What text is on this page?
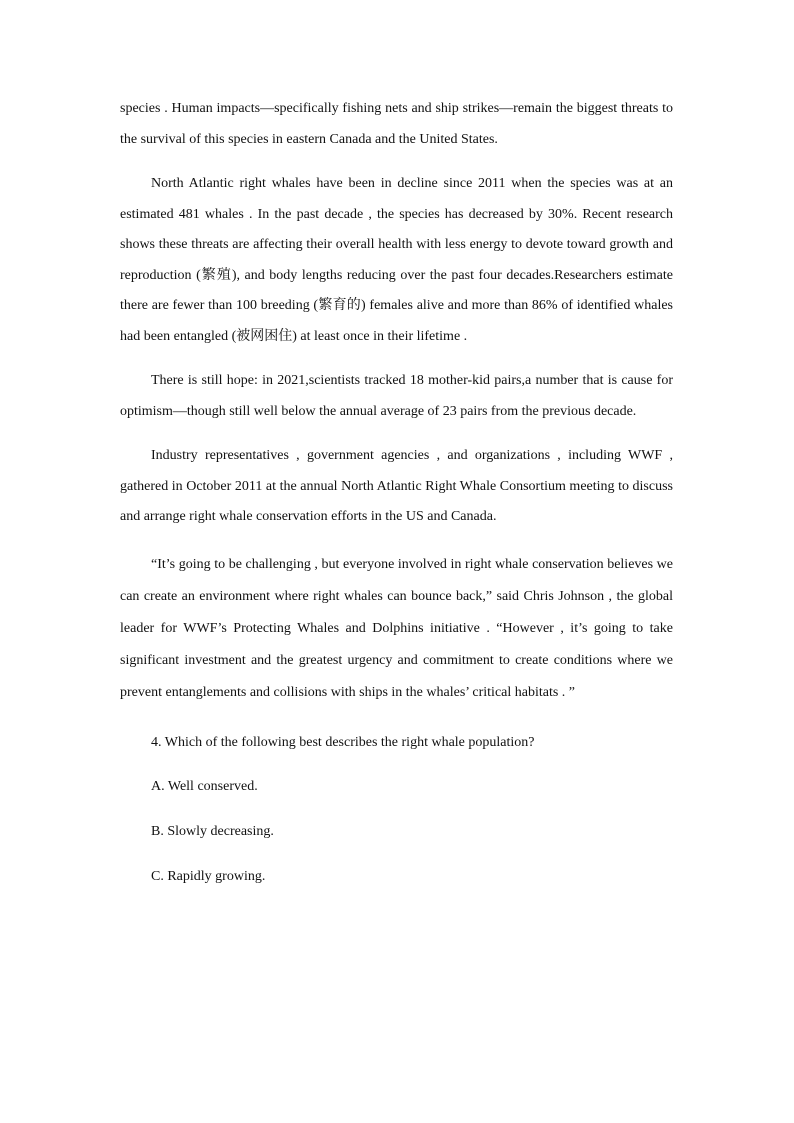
species . Human impacts—specifically fishing nets and ship strikes—remain the biggest threats to the survival of this species in eastern Canada and the United States.

North Atlantic right whales have been in decline since 2011 when the species was at an estimated 481 whales . In the past decade , the species has decreased by 30%. Recent research shows these threats are affecting their overall health with less energy to devote toward growth and reproduction (繁殖), and body lengths reducing over the past four decades.Researchers estimate there are fewer than 100 breeding (繁育的) females alive and more than 86% of identified whales had been entangled (被网困住) at least once in their lifetime .

There is still hope: in 2021,scientists tracked 18 mother-kid pairs,a number that is cause for optimism—though still well below the annual average of 23 pairs from the previous decade.

Industry representatives , government agencies , and organizations , including WWF , gathered in October 2011 at the annual North Atlantic Right Whale Consortium meeting to discuss and arrange right whale conservation efforts in the US and Canada.

“It’s going to be challenging , but everyone involved in right whale conservation believes we can create an environment where right whales can bounce back,” said Chris Johnson , the global leader for WWF’s Protecting Whales and Dolphins initiative . “However , it’s going to take significant investment and the greatest urgency and commitment to create conditions where we prevent entanglements and collisions with ships in the whales’ critical habitats . ”

4. Which of the following best describes the right whale population?

A. Well conserved.

B. Slowly decreasing.

C. Rapidly growing.
